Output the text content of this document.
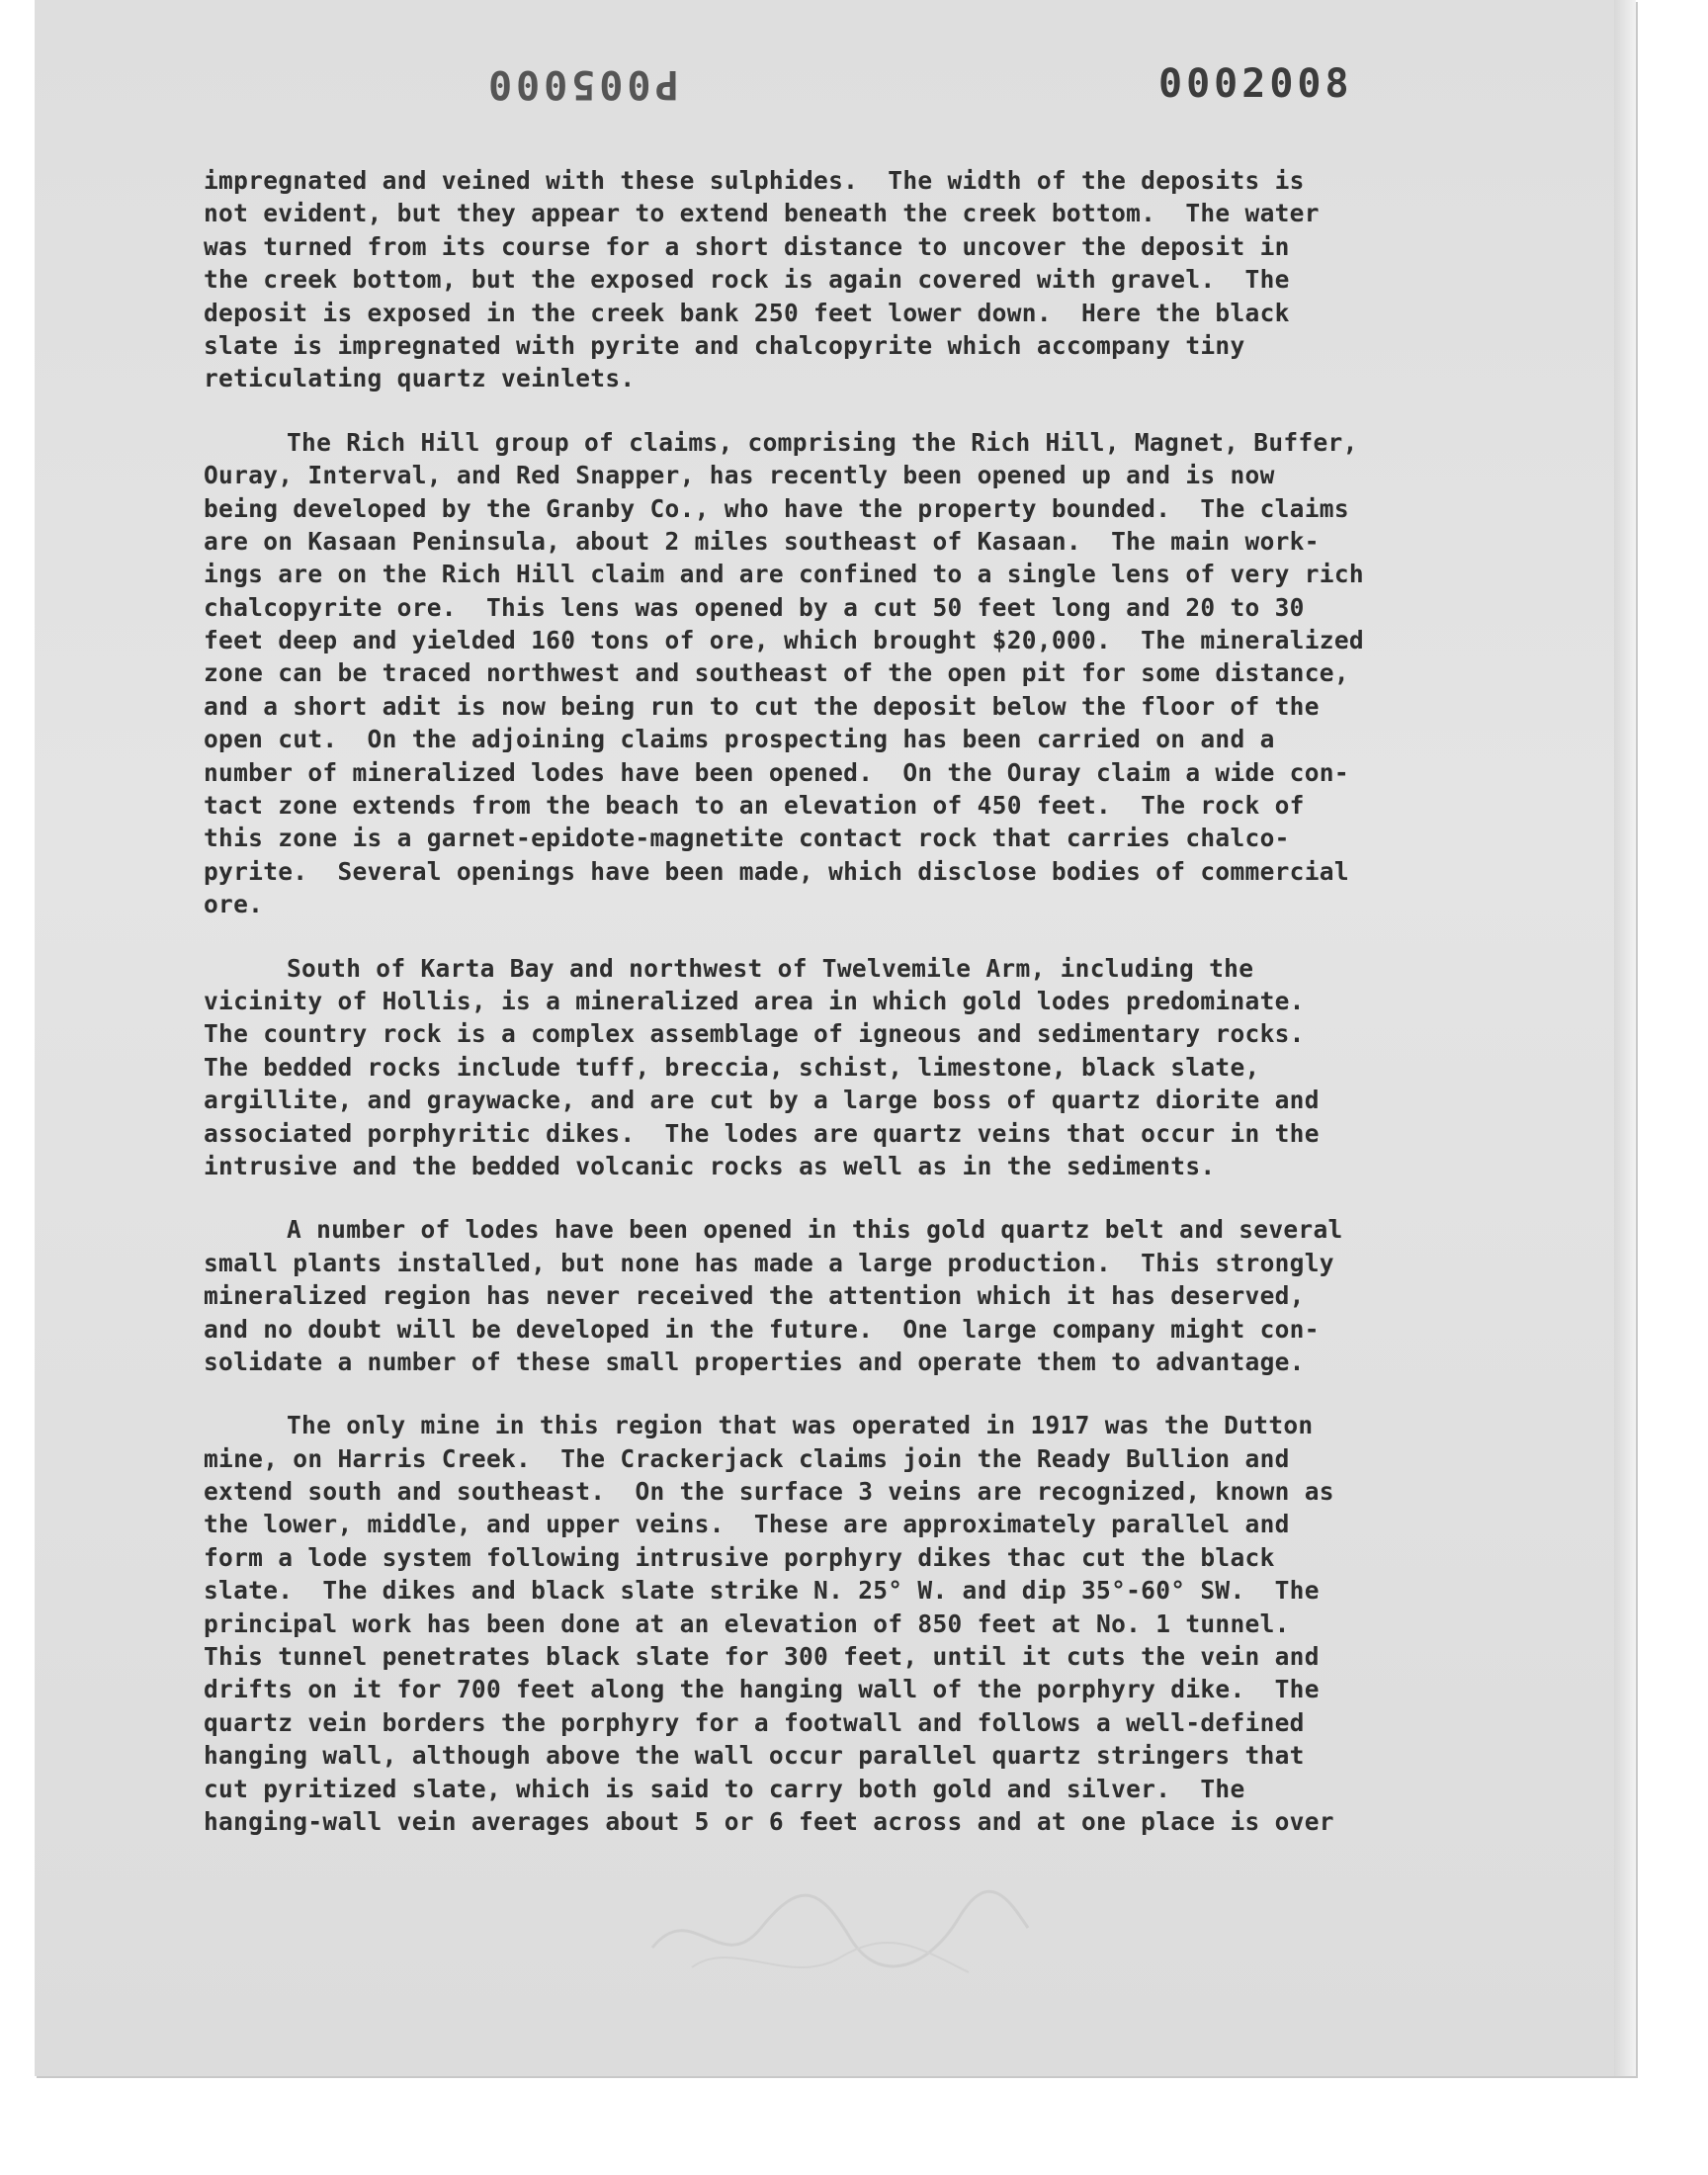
P005000	0002008
impregnated and veined with these sulphides.  The width of the deposits is
not evident, but they appear to extend beneath the creek bottom.  The water
was turned from its course for a short distance to uncover the deposit in
the creek bottom, but the exposed rock is again covered with gravel.  The
deposit is exposed in the creek bank 250 feet lower down.  Here the black
slate is impregnated with pyrite and chalcopyrite which accompany tiny
reticulating quartz veinlets.
The Rich Hill group of claims, comprising the Rich Hill, Magnet, Buffer,
Ouray, Interval, and Red Snapper, has recently been opened up and is now
being developed by the Granby Co., who have the property bounded.  The claims
are on Kasaan Peninsula, about 2 miles southeast of Kasaan.  The main work-
ings are on the Rich Hill claim and are confined to a single lens of very rich
chalcopyrite ore.  This lens was opened by a cut 50 feet long and 20 to 30
feet deep and yielded 160 tons of ore, which brought $20,000.  The mineralized
zone can be traced northwest and southeast of the open pit for some distance,
and a short adit is now being run to cut the deposit below the floor of the
open cut.  On the adjoining claims prospecting has been carried on and a
number of mineralized lodes have been opened.  On the Ouray claim a wide con-
tact zone extends from the beach to an elevation of 450 feet.  The rock of
this zone is a garnet-epidote-magnetite contact rock that carries chalco-
pyrite.  Several openings have been made, which disclose bodies of commercial
ore.
South of Karta Bay and northwest of Twelvemile Arm, including the
vicinity of Hollis, is a mineralized area in which gold lodes predominate.
The country rock is a complex assemblage of igneous and sedimentary rocks.
The bedded rocks include tuff, breccia, schist, limestone, black slate,
argillite, and graywacke, and are cut by a large boss of quartz diorite and
associated porphyritic dikes.  The lodes are quartz veins that occur in the
intrusive and the bedded volcanic rocks as well as in the sediments.
A number of lodes have been opened in this gold quartz belt and several
small plants installed, but none has made a large production.  This strongly
mineralized region has never received the attention which it has deserved,
and no doubt will be developed in the future.  One large company might con-
solidate a number of these small properties and operate them to advantage.
The only mine in this region that was operated in 1917 was the Dutton
mine, on Harris Creek.  The Crackerjack claims join the Ready Bullion and
extend south and southeast.  On the surface 3 veins are recognized, known as
the lower, middle, and upper veins.  These are approximately parallel and
form a lode system following intrusive porphyry dikes thac cut the black
slate.  The dikes and black slate strike N. 25° W. and dip 35°-60° SW.  The
principal work has been done at an elevation of 850 feet at No. 1 tunnel.
This tunnel penetrates black slate for 300 feet, until it cuts the vein and
drifts on it for 700 feet along the hanging wall of the porphyry dike.  The
quartz vein borders the porphyry for a footwall and follows a well-defined
hanging wall, although above the wall occur parallel quartz stringers that
cut pyritized slate, which is said to carry both gold and silver.  The
hanging-wall vein averages about 5 or 6 feet across and at one place is over
